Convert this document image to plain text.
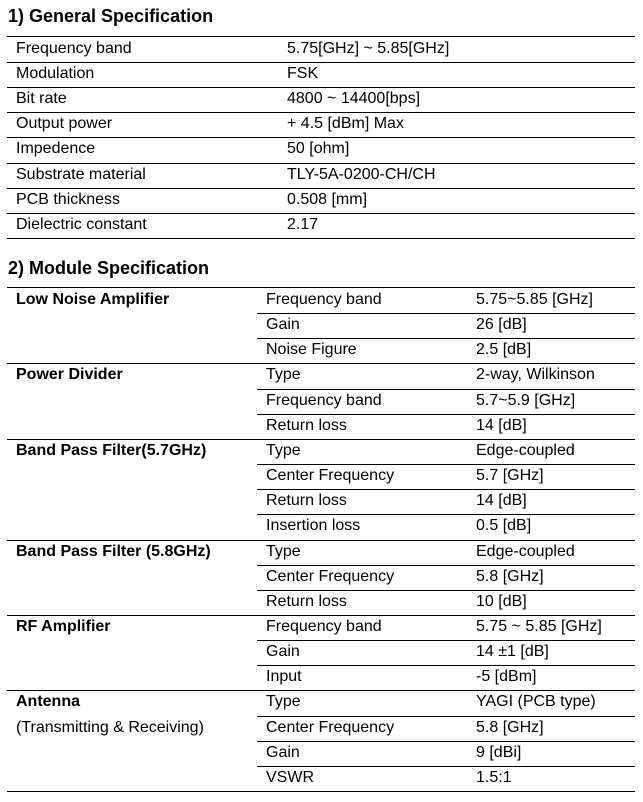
1) General Specification
Frequency band	5.75[GHz] ~ 5.85[GHz]
Modulation	FSK
Bit rate	4800 ~ 14400[bps]
Output power	+ 4.5 [dBm] Max
Impedence	50 [ohm]
Substrate material	TLY-5A-0200-CH/CH
PCB thickness	0.508 [mm]
Dielectric constant	2.17
2) Module Specification
Low Noise Amplifier	Frequency band	5.75~5.85 [GHz]
Gain	26 [dB]
Noise Figure	2.5 [dB]
Power Divider	Type	2-way, Wilkinson
Frequency band	5.7~5.9 [GHz]
Return loss	14 [dB]
Band Pass Filter(5.7GHz)	Type	Edge-coupled
Center Frequency	5.7 [GHz]
Return loss	14 [dB]
Insertion loss	0.5 [dB]
Band Pass Filter (5.8GHz)	Type	Edge-coupled
Center Frequency	5.8 [GHz]
Return loss	10 [dB]
RF Amplifier	Frequency band	5.75 ~ 5.85 [GHz]
Gain	14 ±1 [dB]
Input	-5 [dBm]
Antenna
(Transmitting & Receiving)
Type	YAGI (PCB type)
Center Frequency	5.8 [GHz]
Gain	9 [dBi]
VSWR	1.5:1
